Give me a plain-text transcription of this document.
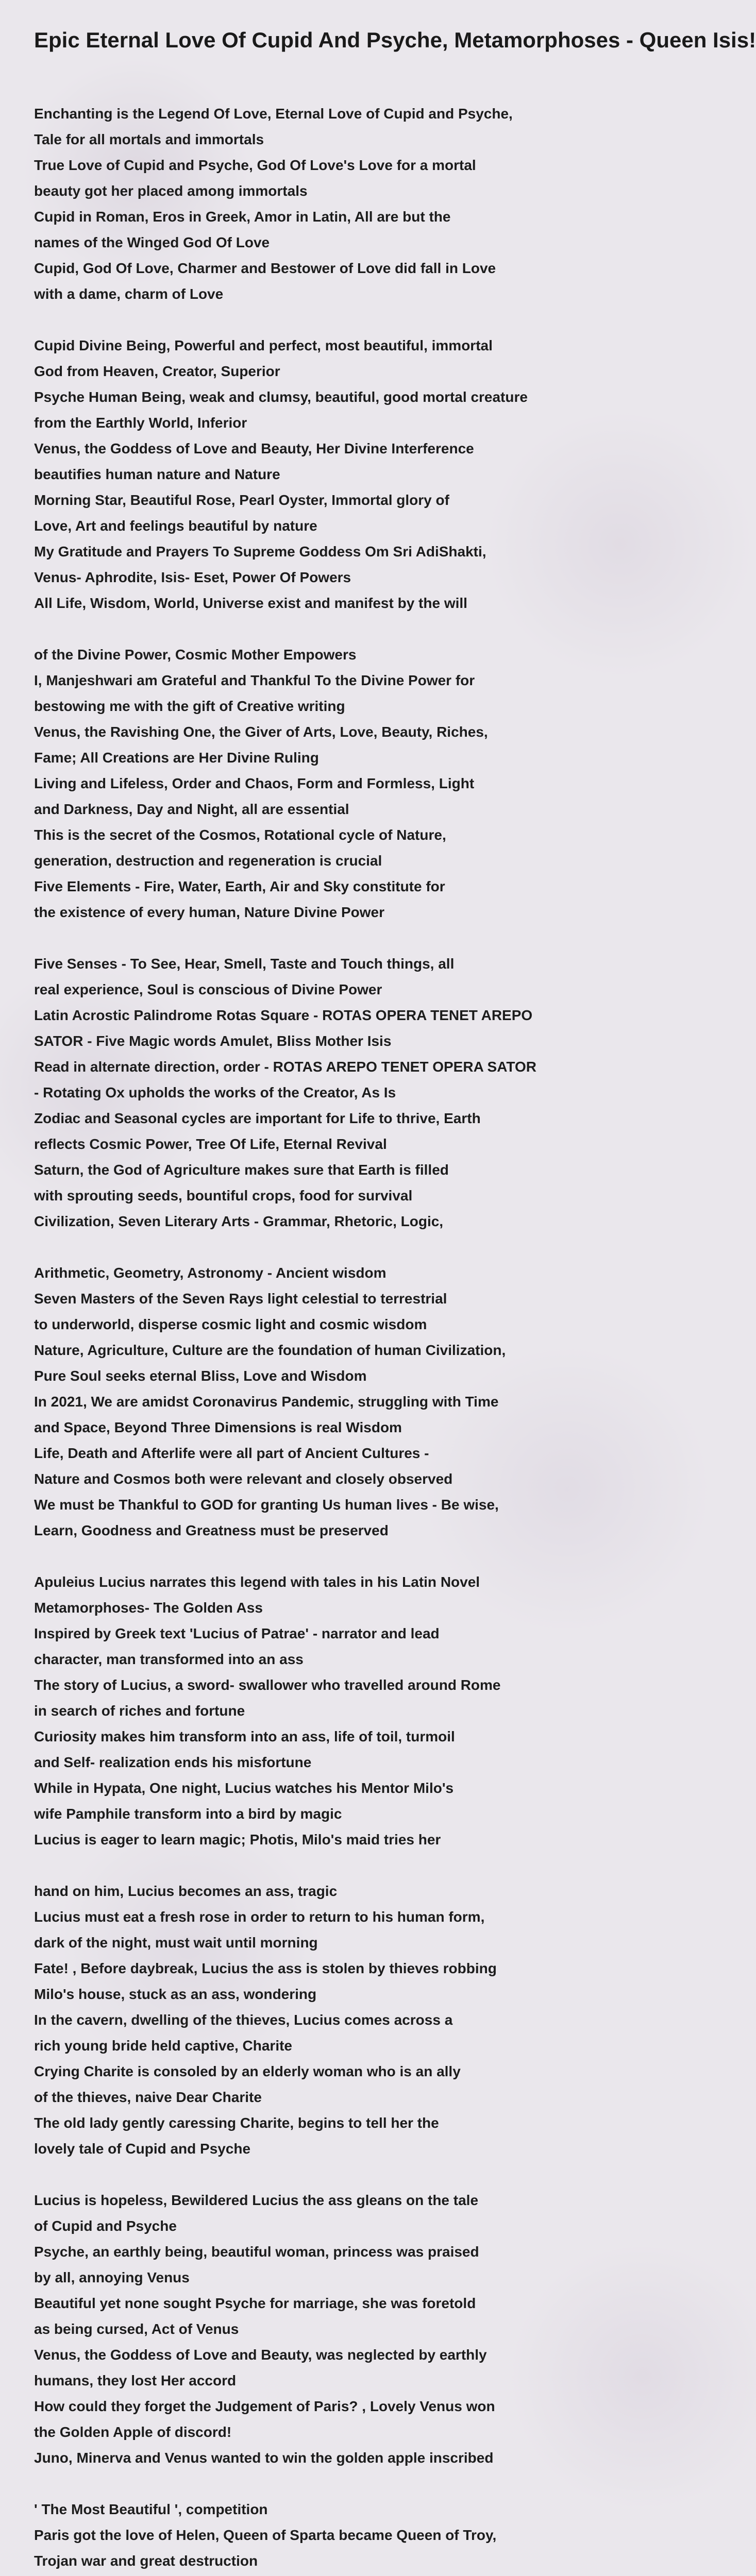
Epic Eternal Love Of Cupid And Psyche, Metamorphoses - Queen Isis!
Enchanting is the Legend Of Love, Eternal Love of Cupid and Psyche,
Tale for all mortals and immortals
True Love of Cupid and Psyche, God Of Love's Love for a mortal
beauty got her placed among immortals
Cupid in Roman, Eros in Greek, Amor in Latin, All are but the
names of the Winged God Of Love
Cupid, God Of Love, Charmer and Bestower of Love did fall in Love
with a dame, charm of Love
Cupid Divine Being, Powerful and perfect, most beautiful, immortal
God from Heaven, Creator, Superior
Psyche Human Being, weak and clumsy, beautiful, good mortal creature
from the Earthly World, Inferior
Venus, the Goddess of Love and Beauty, Her Divine Interference
beautifies human nature and Nature
Morning Star, Beautiful Rose, Pearl Oyster, Immortal glory of
Love, Art and feelings beautiful by nature
My Gratitude and Prayers To Supreme Goddess Om Sri AdiShakti,
Venus- Aphrodite, Isis- Eset, Power Of Powers
All Life, Wisdom, World, Universe exist and manifest by the will
of the Divine Power, Cosmic Mother Empowers
I, Manjeshwari am Grateful and Thankful To the Divine Power for
bestowing me with the gift of Creative writing
Venus, the Ravishing One, the Giver of Arts, Love, Beauty, Riches,
Fame; All Creations are Her Divine Ruling
Living and Lifeless, Order and Chaos, Form and Formless, Light
and Darkness, Day and Night, all are essential
This is the secret of the Cosmos, Rotational cycle of Nature,
generation, destruction and regeneration is crucial
Five Elements - Fire, Water, Earth, Air and Sky constitute for
the existence of every human, Nature Divine Power
Five Senses - To See, Hear, Smell, Taste and Touch things, all
real experience, Soul is conscious of Divine Power
Latin Acrostic Palindrome Rotas Square - ROTAS OPERA TENET AREPO
SATOR - Five Magic words Amulet, Bliss Mother Isis
Read in alternate direction, order - ROTAS AREPO TENET OPERA SATOR
- Rotating Ox upholds the works of the Creator, As Is
Zodiac and Seasonal cycles are important for Life to thrive, Earth
reflects Cosmic Power, Tree Of Life, Eternal Revival
Saturn, the God of Agriculture makes sure that Earth is filled
with sprouting seeds, bountiful crops, food for survival
Civilization, Seven Literary Arts - Grammar, Rhetoric, Logic,
Arithmetic, Geometry, Astronomy - Ancient wisdom
Seven Masters of the Seven Rays light celestial to terrestrial
to underworld, disperse cosmic light and cosmic wisdom
Nature, Agriculture, Culture are the foundation of human Civilization,
Pure Soul seeks eternal Bliss, Love and Wisdom
In 2021, We are amidst Coronavirus Pandemic, struggling with Time
and Space, Beyond Three Dimensions is real Wisdom
Life, Death and Afterlife were all part of Ancient Cultures -
Nature and Cosmos both were relevant and closely observed
We must be Thankful to GOD for granting Us human lives - Be wise,
Learn, Goodness and Greatness must be preserved
Apuleius Lucius narrates this legend with tales in his Latin Novel
Metamorphoses- The Golden Ass
Inspired by Greek text 'Lucius of Patrae' - narrator and lead
character, man transformed into an ass
The story of Lucius, a sword- swallower who travelled around Rome
in search of riches and fortune
Curiosity makes him transform into an ass, life of toil, turmoil
and Self- realization ends his misfortune
While in Hypata, One night, Lucius watches his Mentor Milo's
wife Pamphile transform into a bird by magic
Lucius is eager to learn magic; Photis, Milo's maid tries her
hand on him, Lucius becomes an ass, tragic
Lucius must eat a fresh rose in order to return to his human form,
dark of the night, must wait until morning
Fate! , Before daybreak, Lucius the ass is stolen by thieves robbing
Milo's house, stuck as an ass, wondering
In the cavern, dwelling of the thieves, Lucius comes across a
rich young bride held captive, Charite
Crying Charite is consoled by an elderly woman who is an ally
of the thieves, naive Dear Charite
The old lady gently caressing Charite, begins to tell her the
lovely tale of Cupid and Psyche
Lucius is hopeless, Bewildered Lucius the ass gleans on the tale
of Cupid and Psyche
Psyche, an earthly being, beautiful woman, princess was praised
by all, annoying Venus
Beautiful yet none sought Psyche for marriage, she was foretold
as being cursed, Act of Venus
Venus, the Goddess of Love and Beauty, was neglected by earthly
humans, they lost Her accord
How could they forget the Judgement of Paris? , Lovely Venus won
the Golden Apple of discord!
Juno, Minerva and Venus wanted to win the golden apple inscribed
' The Most Beautiful ', competition
Paris got the love of Helen, Queen of Sparta became Queen of Troy,
Trojan war and great destruction
